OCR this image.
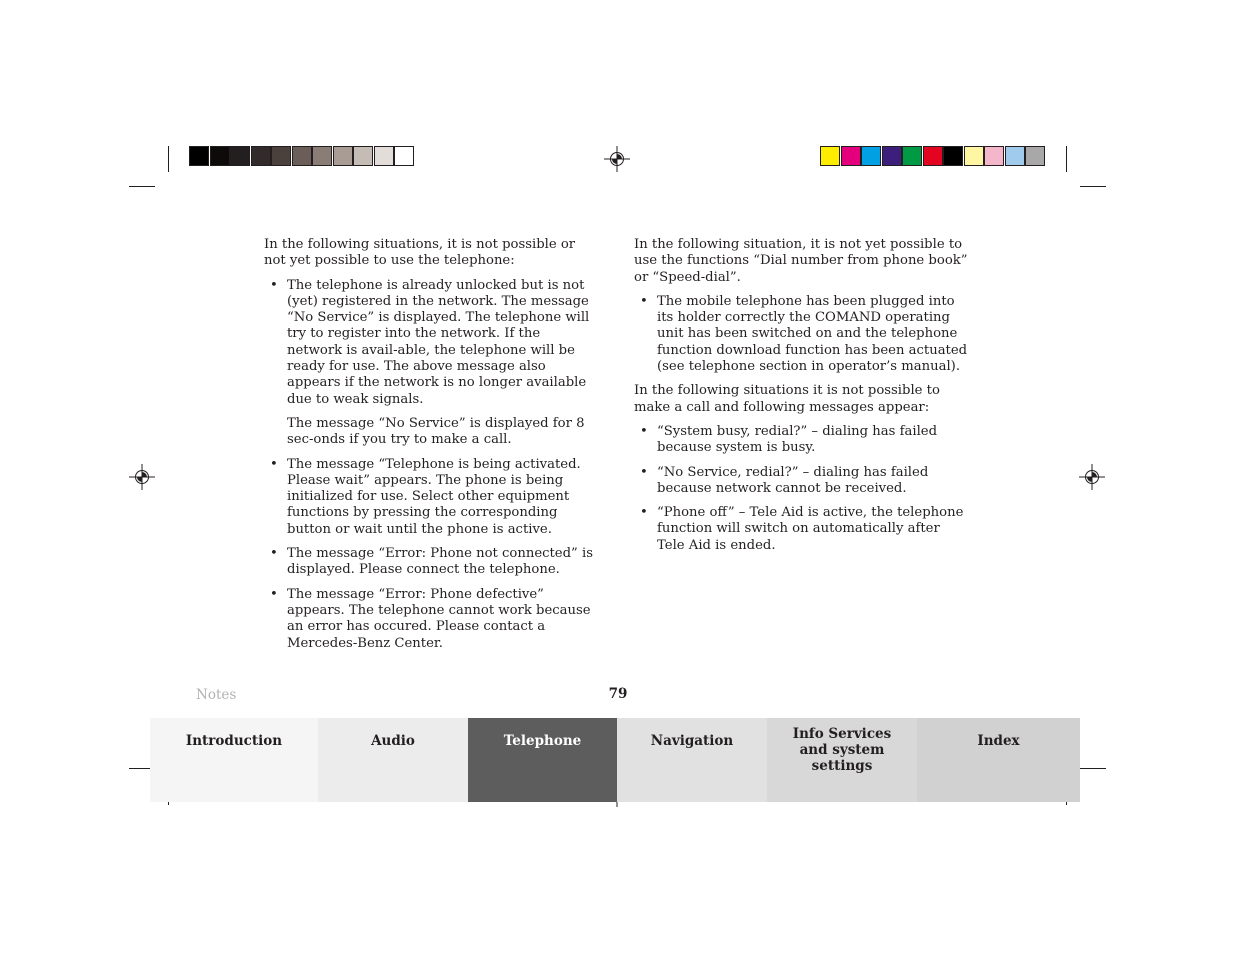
In the following situations, it is not possible or not yet possible to use the telephone:

• The telephone is already unlocked but is not (yet) registered in the network. The message “No Service” is displayed. The telephone will try to register into the network. If the network is avail-able, the telephone will be ready for use. The above message also appears if the network is no longer available due to weak signals.

The message “No Service” is displayed for 8 sec-onds if you try to make a call.

• The message “Telephone is being activated. Please wait” appears. The phone is being initialized for use. Select other equipment functions by pressing the corresponding button or wait until the phone is active.

• The message “Error: Phone not connected” is displayed. Please connect the telephone.

• The message “Error: Phone defective” appears. The telephone cannot work because an error has occured. Please contact a Mercedes-Benz Center.

In the following situation, it is not yet possible to use the functions “Dial number from phone book” or “Speed-dial”.

• The mobile telephone has been plugged into its holder correctly the COMAND operating unit has been switched on and the telephone function download function has been actuated (see telephone section in operator’s manual).

In the following situations it is not possible to make a call and following messages appear:

• “System busy, redial?” – dialing has failed because system is busy.

• “No Service, redial?” – dialing has failed because network cannot be received.

• “Phone off” – Tele Aid is active, the telephone function will switch on automatically after Tele Aid is ended.

Notes	79
Introduction	Audio	Telephone	Navigation	Info Services and system settings
Index
